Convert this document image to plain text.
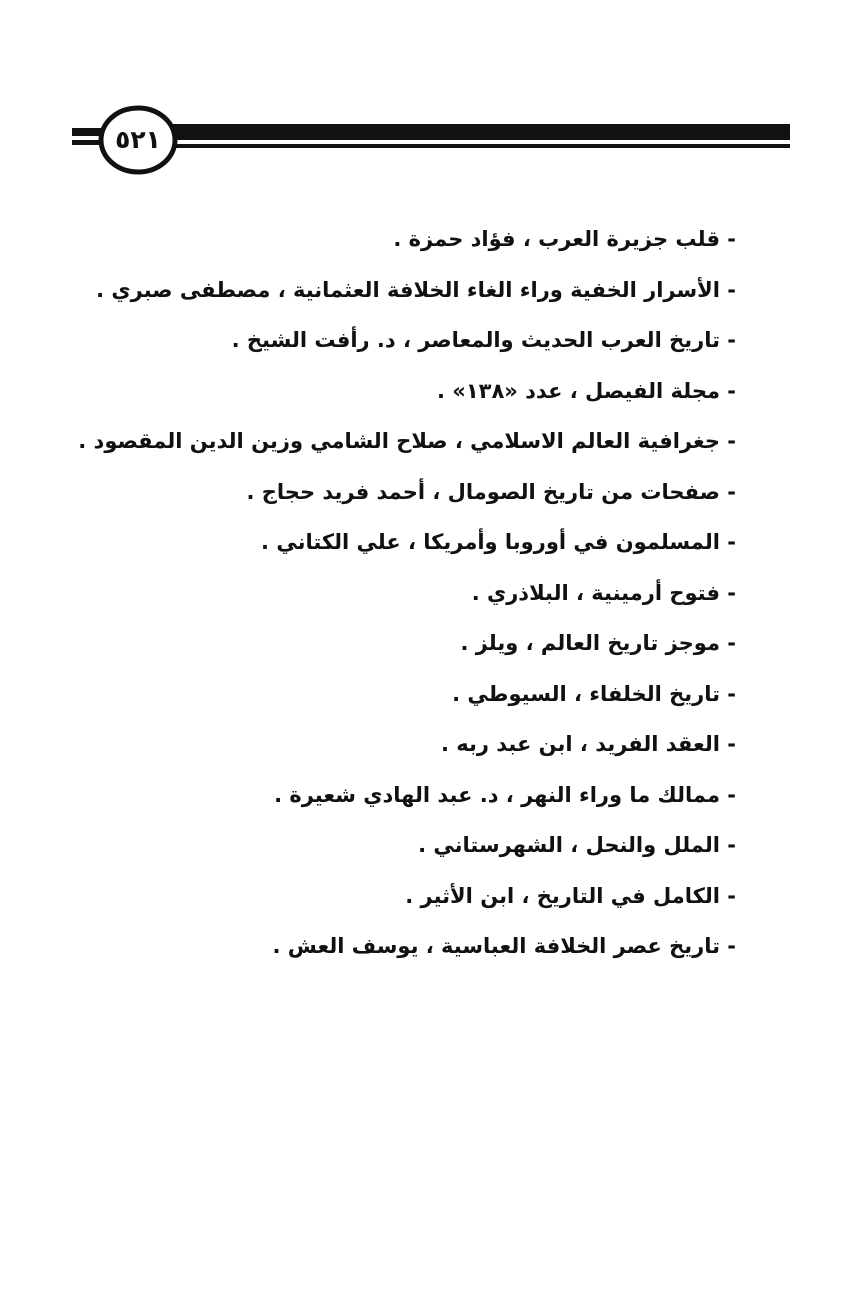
٥٢١
- قلب جزيرة العرب ، فؤاد حمزة .
- الأسرار الخفية وراء الغاء الخلافة العثمانية ، مصطفى صبري .
- تاريخ العرب الحديث والمعاصر ، د. رأفت الشيخ .
- مجلة الفيصل ، عدد «١٣٨» .
- جغرافية العالم الاسلامي ، صلاح الشامي وزين الدين المقصود .
- صفحات من تاريخ الصومال ، أحمد فريد حجاج .
- المسلمون في أوروبا وأمريكا ، علي الكتاني .
- فتوح أرمينية ، البلاذري .
- موجز تاريخ العالم ، ويلز .
- تاريخ الخلفاء ، السيوطي .
- العقد الفريد ، ابن عبد ربه .
- ممالك ما وراء النهر ، د. عبد الهادي شعيرة .
- الملل والنحل ، الشهرستاني .
- الكامل في التاريخ ، ابن الأثير .
- تاريخ عصر الخلافة العباسية ، يوسف العش .
